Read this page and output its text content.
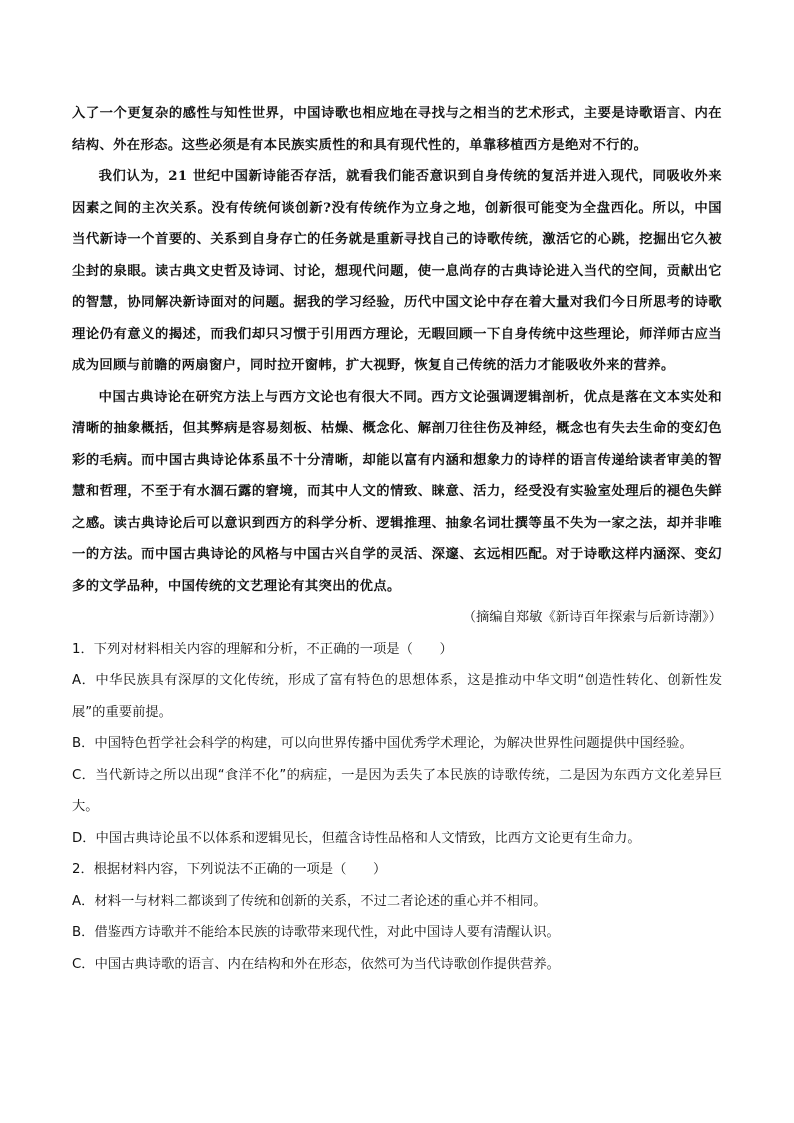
入了一个更复杂的感性与知性世界，中国诗歌也相应地在寻找与之相当的艺术形式，主要是诗歌语言、内在结构、外在形态。这些必须是有本民族实质性的和具有现代性的，单靠移植西方是绝对不行的。

我们认为，21 世纪中国新诗能否存活，就看我们能否意识到自身传统的复活并进入现代，同吸收外来因素之间的主次关系。没有传统何谈创新?没有传统作为立身之地，创新很可能变为全盘西化。所以，中国当代新诗一个首要的、关系到自身存亡的任务就是重新寻找自己的诗歌传统，激活它的心跳，挖掘出它久被尘封的泉眼。读古典文史哲及诗词、讨论，想现代问题，使一息尚存的古典诗论进入当代的空间，贡献出它的智慧，协同解决新诗面对的问题。据我的学习经验，历代中国文论中存在着大量对我们今日所思考的诗歌理论仍有意义的揭述，而我们却只习惯于引用西方理论，无暇回顾一下自身传统中这些理论，师洋师古应当成为回顾与前瞻的两扇窗户，同时拉开窗帏，扩大视野，恢复自己传统的活力才能吸收外来的营养。

中国古典诗论在研究方法上与西方文论也有很大不同。西方文论强调逻辑剖析，优点是落在文本实处和清晰的抽象概括，但其弊病是容易刻板、枯燥、概念化、解剖刀往往伤及神经，概念也有失去生命的变幻色彩的毛病。而中国古典诗论体系虽不十分清晰，却能以富有内涵和想象力的诗样的语言传递给读者审美的智慧和哲理，不至于有水涸石露的窘境，而其中人文的情致、睐意、活力，经受没有实验室处理后的褪色失鲜之感。读古典诗论后可以意识到西方的科学分析、逻辑推理、抽象名词壮撰等虽不失为一家之法，却并非唯一的方法。而中国古典诗论的风格与中国古兴自学的灵活、深邃、玄远相匹配。对于诗歌这样内涵深、变幻多的文学品种，中国传统的文艺理论有其突出的优点。

（摘编自郑敏《新诗百年探索与后新诗潮》）

1．下列对材料相关内容的理解和分析，不正确的一项是（　　）

A．中华民族具有深厚的文化传统，形成了富有特色的思想体系，这是推动中华文明“创造性转化、创新性发展”的重要前提。

B．中国特色哲学社会科学的构建，可以向世界传播中国优秀学术理论，为解决世界性问题提供中国经验。

C．当代新诗之所以出现“食洋不化”的病症，一是因为丢失了本民族的诗歌传统，二是因为东西方文化差异巨大。

D．中国古典诗论虽不以体系和逻辑见长，但蕴含诗性品格和人文情致，比西方文论更有生命力。

2．根据材料内容，下列说法不正确的一项是（　　）

A．材料一与材料二都谈到了传统和创新的关系，不过二者论述的重心并不相同。

B．借鉴西方诗歌并不能给本民族的诗歌带来现代性，对此中国诗人要有清醒认识。

C．中国古典诗歌的语言、内在结构和外在形态，依然可为当代诗歌创作提供营养。
